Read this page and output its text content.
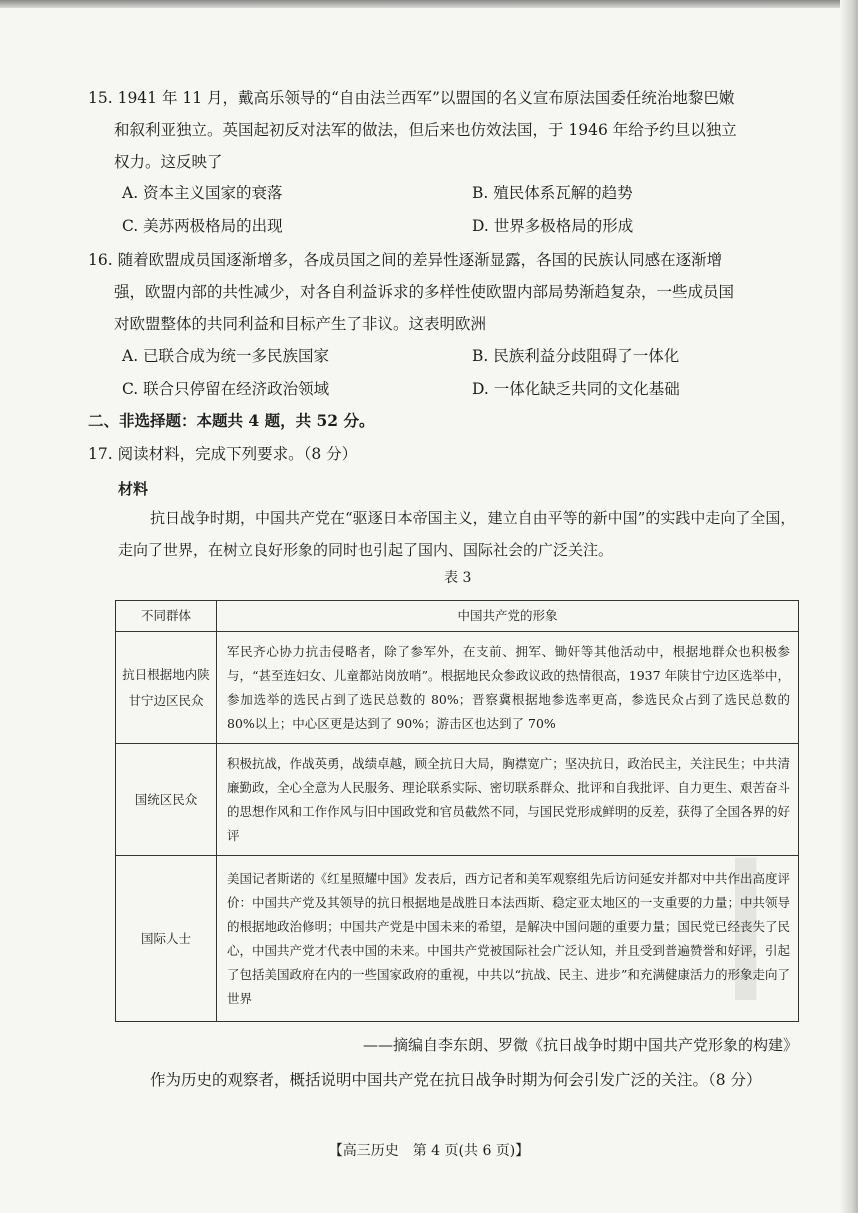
▕▏
15. 1941 年 11 月，戴高乐领导的“自由法兰西军”以盟国的名义宣布原法国委任统治地黎巴嫩
和叙利亚独立。英国起初反对法军的做法，但后来也仿效法国，于 1946 年给予约旦以独立
权力。这反映了
A. 资本主义国家的衰落	B. 殖民体系瓦解的趋势
C. 美苏两极格局的出现	D. 世界多极格局的形成
16. 随着欧盟成员国逐渐增多，各成员国之间的差异性逐渐显露，各国的民族认同感在逐渐增
强，欧盟内部的共性减少，对各自利益诉求的多样性使欧盟内部局势渐趋复杂，一些成员国
对欧盟整体的共同利益和目标产生了非议。这表明欧洲
A. 已联合成为统一多民族国家	B. 民族利益分歧阻碍了一体化
C. 联合只停留在经济政治领域	D. 一体化缺乏共同的文化基础
二、非选择题：本题共 4 题，共 52 分。
17. 阅读材料，完成下列要求。（8 分）
材料
抗日战争时期，中国共产党在“驱逐日本帝国主义，建立自由平等的新中国”的实践中走向了全国，走向了世界，在树立良好形象的同时也引起了国内、国际社会的广泛关注。
表 3
不同群体	中国共产党的形象
抗日根据地内陕甘宁边区民众	军民齐心协力抗击侵略者，除了参军外，在支前、拥军、锄奸等其他活动中，根据地群众也积极参与，“甚至连妇女、儿童都站岗放哨”。根据地民众参政议政的热情很高，1937 年陕甘宁边区选举中，参加选举的选民占到了选民总数的 80%；晋察冀根据地参选率更高，参选民众占到了选民总数的 80%以上；中心区更是达到了 90%；游击区也达到了 70%
国统区民众	积极抗战，作战英勇，战绩卓越，顾全抗日大局，胸襟宽广；坚决抗日，政治民主，关注民生；中共清廉勤政，全心全意为人民服务、理论联系实际、密切联系群众、批评和自我批评、自力更生、艰苦奋斗的思想作风和工作作风与旧中国政党和官员截然不同，与国民党形成鲜明的反差，获得了全国各界的好评
国际人士	美国记者斯诺的《红星照耀中国》发表后，西方记者和美军观察组先后访问延安并都对中共作出高度评价：中国共产党及其领导的抗日根据地是战胜日本法西斯、稳定亚太地区的一支重要的力量；中共领导的根据地政治修明；中国共产党是中国未来的希望，是解决中国问题的重要力量；国民党已经丧失了民心，中国共产党才代表中国的未来。中国共产党被国际社会广泛认知，并且受到普遍赞誉和好评，引起了包括美国政府在内的一些国家政府的重视，中共以“抗战、民主、进步”和充满健康活力的形象走向了世界
——摘编自李东朗、罗微《抗日战争时期中国共产党形象的构建》
作为历史的观察者，概括说明中国共产党在抗日战争时期为何会引发广泛的关注。（8 分）
【高三历史　第 4 页(共 6 页)】
